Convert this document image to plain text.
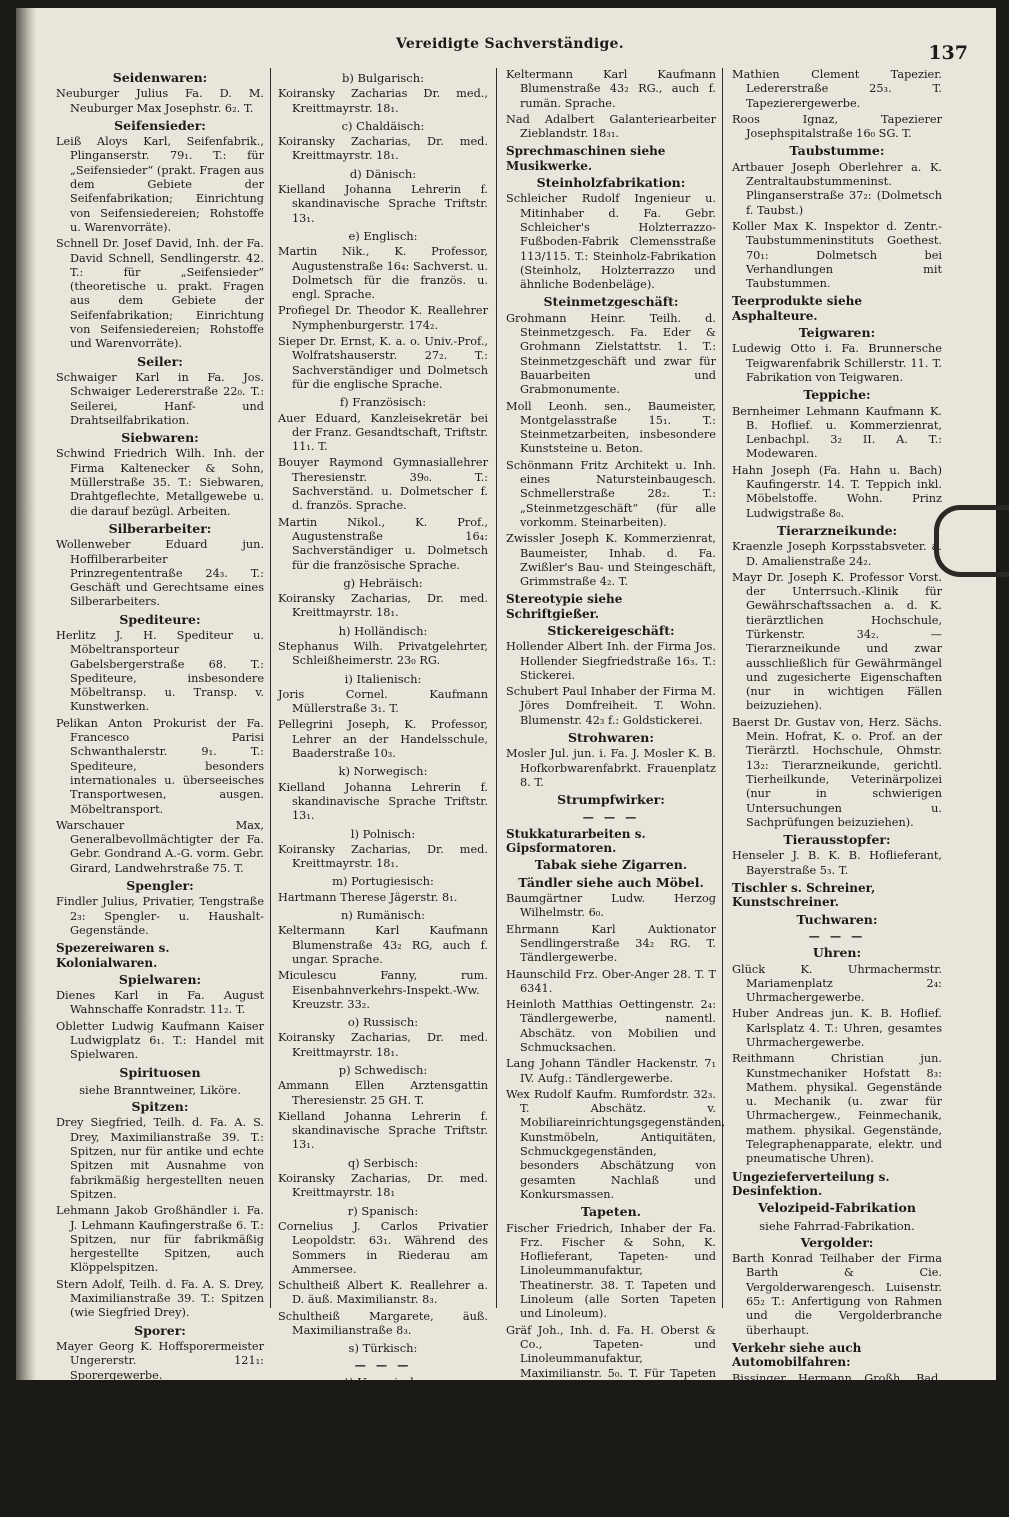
Vereidigte Sachverständige.	137
Seidenwaren:
Neuburger Julius Fa. D. M. Neuburger Max Josephstr. 6₂. T.
Seifensieder:
Leiß Aloys Karl, Seifenfabrik., Plinganserstr. 79₁. T.: für „Seifensieder“ (prakt. Fragen aus dem Gebiete der Seifenfabrikation; Einrichtung von Seifensiedereien; Rohstoffe u. Warenvorräte).
Schnell Dr. Josef David, Inh. der Fa. David Schnell, Sendlingerstr. 42. T.: für „Seifensieder“ (theoretische u. prakt. Fragen aus dem Gebiete der Seifenfabrikation; Einrichtung von Seifensiedereien; Rohstoffe und Warenvorräte).
Seiler:
Schwaiger Karl in Fa. Jos. Schwaiger Ledererstraße 22₀. T.: Seilerei, Hanf- und Drahtseilfabrikation.
Siebwaren:
Schwind Friedrich Wilh. Inh. der Firma Kaltenecker & Sohn, Müllerstraße 35. T.: Siebwaren, Drahtgeflechte, Metallgewebe u. die darauf bezügl. Arbeiten.
Silberarbeiter:
Wollenweber Eduard jun. Hoffilberarbeiter Prinzregententraße 24₃. T.: Geschäft und Gerechtsame eines Silberarbeiters.
Spediteure:
Herlitz J. H. Spediteur u. Möbeltransporteur Gabelsbergerstraße 68. T.: Spediteure, insbesondere Möbeltransp. u. Transp. v. Kunstwerken.
Pelikan Anton Prokurist der Fa. Francesco Parisi Schwanthalerstr. 9₁. T.: Spediteure, besonders internationales u. überseeisches Transportwesen, ausgen. Möbeltransport.
Warschauer Max, Generalbevollmächtigter der Fa. Gebr. Gondrand A.-G. vorm. Gebr. Girard, Landwehrstraße 75. T.
Spengler:
Findler Julius, Privatier, Tengstraße 2₃: Spengler- u. Haushalt-Gegenstände.
Spezereiwaren s. Kolonialwaren.
Spielwaren:
Dienes Karl in Fa. August Wahnschaffe Konradstr. 11₂. T.
Obletter Ludwig Kaufmann Kaiser Ludwigplatz 6₁. T.: Handel mit Spielwaren.
Spirituosen
siehe Branntweiner, Liköre.
Spitzen:
Drey Siegfried, Teilh. d. Fa. A. S. Drey, Maximilianstraße 39. T.: Spitzen, nur für antike und echte Spitzen mit Ausnahme von fabrikmäßig hergestellten neuen Spitzen.
Lehmann Jakob Großhändler i. Fa. J. Lehmann Kaufingerstraße 6. T.: Spitzen, nur für fabrikmäßig hergestellte Spitzen, auch Klöppelspitzen.
Stern Adolf, Teilh. d. Fa. A. S. Drey, Maximilianstraße 39. T.: Spitzen (wie Siegfried Drey).
Sporer:
Mayer Georg K. Hoffsporermeister Ungererstr. 121₁: Sporergewerbe.
Sprachen
a) Böhmisch:
Koiransky Zacharias, Dr. med. Kreittmayrstr. 18₁.
Kohn Moritz, Kaufmann, Schulstraße 30a₀. T.
b) Bulgarisch:
Koiransky Zacharias Dr. med., Kreittmayrstr. 18₁.
c) Chaldäisch:
Koiransky Zacharias, Dr. med. Kreittmayrstr. 18₁.
d) Dänisch:
Kielland Johanna Lehrerin f. skandinavische Sprache Triftstr. 13₁.
e) Englisch:
Martin Nik., K. Professor, Augustenstraße 16₄: Sachverst. u. Dolmetsch für die französ. u. engl. Sprache.
Profiegel Dr. Theodor K. Reallehrer Nymphenburgerstr. 174₂.
Sieper Dr. Ernst, K. a. o. Univ.-Prof., Wolfratshauserstr. 27₂. T.: Sachverständiger und Dolmetsch für die englische Sprache.
f) Französisch:
Auer Eduard, Kanzleisekretär bei der Franz. Gesandtschaft, Triftstr. 11₁. T.
Bouyer Raymond Gymnasiallehrer Theresienstr. 39₀. T.: Sachverständ. u. Dolmetscher f. d. französ. Sprache.
Martin Nikol., K. Prof., Augustenstraße 16₄: Sachverständiger u. Dolmetsch für die französische Sprache.
g) Hebräisch:
Koiransky Zacharias, Dr. med. Kreittmayrstr. 18₁.
h) Holländisch:
Stephanus Wilh. Privatgelehrter, Schleißheimerstr. 23₀ RG.
i) Italienisch:
Joris Cornel. Kaufmann Müllerstraße 3₁. T.
Pellegrini Joseph, K. Professor, Lehrer an der Handelsschule, Baaderstraße 10₃.
k) Norwegisch:
Kielland Johanna Lehrerin f. skandinavische Sprache Triftstr. 13₁.
l) Polnisch:
Koiransky Zacharias, Dr. med. Kreittmayrstr. 18₁.
m) Portugiesisch:
Hartmann Therese Jägerstr. 8₁.
n) Rumänisch:
Keltermann Karl Kaufmann Blumenstraße 43₂ RG, auch f. ungar. Sprache.
Miculescu Fanny, rum. Eisenbahnverkehrs-Inspekt.-Ww. Kreuzstr. 33₂.
o) Russisch:
Koiransky Zacharias, Dr. med. Kreittmayrstr. 18₁.
p) Schwedisch:
Ammann Ellen Arztensgattin Theresienstr. 25 GH. T.
Kielland Johanna Lehrerin f. skandinavische Sprache Triftstr. 13₁.
q) Serbisch:
Koiransky Zacharias, Dr. med. Kreittmayrstr. 18₁
r) Spanisch:
Cornelius J. Carlos Privatier Leopoldstr. 63₁. Während des Sommers in Riederau am Ammersee.
Schultheiß Albert K. Reallehrer a. D. äuß. Maximilianstr. 8₃.
Schultheiß Margarete, äuß. Maximilianstraße 8₃.
s) Türkisch:
— — —
t) Ungarisch:
Bodor Ludwig Feinmechaniker Heßstraße 96₄.
Keltermann Karl Kaufmann Blumenstraße 43₂ RG., auch f. rumän. Sprache.
Nad Adalbert Galanteriearbeiter Zieblandstr. 18₃₁.
Sprechmaschinen siehe Musikwerke.
Steinholzfabrikation:
Schleicher Rudolf Ingenieur u. Mitinhaber d. Fa. Gebr. Schleicher's Holzterrazzo-Fußboden-Fabrik Clemensstraße 113/115. T.: Steinholz-Fabrikation (Steinholz, Holzterrazzo und ähnliche Bodenbeläge).
Steinmetzgeschäft:
Grohmann Heinr. Teilh. d. Steinmetzgesch. Fa. Eder & Grohmann Zielstattstr. 1. T.: Steinmetzgeschäft und zwar für Bauarbeiten und Grabmonumente.
Moll Leonh. sen., Baumeister, Montgelasstraße 15₁. T.: Steinmetzarbeiten, insbesondere Kunststeine u. Beton.
Schönmann Fritz Architekt u. Inh. eines Natursteinbaugesch. Schmellerstraße 28₂. T.: „Steinmetzgeschäft“ (für alle vorkomm. Steinarbeiten).
Zwissler Joseph K. Kommerzienrat, Baumeister, Inhab. d. Fa. Zwißler's Bau- und Steingeschäft, Grimmstraße 4₂. T.
Stereotypie siehe Schriftgießer.
Stickereigeschäft:
Hollender Albert Inh. der Firma Jos. Hollender Siegfriedstraße 16₃. T.: Stickerei.
Schubert Paul Inhaber der Firma M. Jöres Domfreiheit. T. Wohn. Blumenstr. 42₃ f.: Goldstickerei.
Strohwaren:
Mosler Jul. jun. i. Fa. J. Mosler K. B. Hofkorbwarenfabrkt. Frauenplatz 8. T.
Strumpfwirker:
— — —
Stukkaturarbeiten s. Gipsformatoren.
Tabak siehe Zigarren.
Tändler siehe auch Möbel.
Baumgärtner Ludw. Herzog Wilhelmstr. 6₀.
Ehrmann Karl Auktionator Sendlingerstraße 34₂ RG. T. Tändlergewerbe.
Haunschild Frz. Ober-Anger 28. T. T 6341.
Heinloth Matthias Oettingenstr. 2₄: Tändlergewerbe, namentl. Abschätz. von Mobilien und Schmucksachen.
Lang Johann Tändler Hackenstr. 7₁ IV. Aufg.: Tändlergewerbe.
Wex Rudolf Kaufm. Rumfordstr. 32₃. T. Abschätz. v. Mobiliareinrichtungsgegenständen, Kunstmöbeln, Antiquitäten, Schmuckgegenständen, besonders Abschätzung von gesamten Nachlaß und Konkursmassen.
Tapeten.
Fischer Friedrich, Inhaber der Fa. Frz. Fischer & Sohn, K. Hoflieferant, Tapeten- und Linoleummanufaktur, Theatinerstr. 38. T. Tapeten und Linoleum (alle Sorten Tapeten und Linoleum).
Gräf Joh., Inh. d. Fa. H. Oberst & Co., Tapeten- und Linoleummanufaktur, Maximilianstr. 5₀. T. Für Tapeten (alle Sorten von Tapeten, nicht aber Linoleum).
Tapezierer:
List Jakob, Möbelfabr. Baaderstr. 19₁ RG. T.
Mathien Clement Tapezier. Ledererstraße 25₃. T. Tapezierergewerbe.
Roos Ignaz, Tapezierer Josephspitalstraße 16₀ SG. T.
Taubstumme:
Artbauer Joseph Oberlehrer a. K. Zentraltaubstummeninst. Plinganserstraße 37₂: (Dolmetsch f. Taubst.)
Koller Max K. Inspektor d. Zentr.-Taubstummeninstituts Goethest. 70₁: Dolmetsch bei Verhandlungen mit Taubstummen.
Teerprodukte siehe Asphalteure.
Teigwaren:
Ludewig Otto i. Fa. Brunnersche Teigwarenfabrik Schillerstr. 11. T. Fabrikation von Teigwaren.
Teppiche:
Bernheimer Lehmann Kaufmann K. B. Hoflief. u. Kommerzienrat, Lenbachpl. 3₂ II. A. T.: Modewaren.
Hahn Joseph (Fa. Hahn u. Bach) Kaufingerstr. 14. T. Teppich inkl. Möbelstoffe. Wohn. Prinz Ludwigstraße 8₀.
Tierarzneikunde:
Kraenzle Joseph Korpsstabsveter. a. D. Amalienstraße 24₂.
Mayr Dr. Joseph K. Professor Vorst. der Unterrsuch.-Klinik für Gewährschaftssachen a. d. K. tierärztlichen Hochschule, Türkenstr. 34₂. — Tierarzneikunde und zwar ausschließlich für Gewährmängel und zugesicherte Eigenschaften (nur in wichtigen Fällen beizuziehen).
Baerst Dr. Gustav von, Herz. Sächs. Mein. Hofrat, K. o. Prof. an der Tierärztl. Hochschule, Ohmstr. 13₂: Tierarzneikunde, gerichtl. Tierheilkunde, Veterinärpolizei (nur in schwierigen Untersuchungen u. Sachprüfungen beizuziehen).
Tierausstopfer:
Henseler J. B. K. B. Hoflieferant, Bayerstraße 5₃. T.
Tischler s. Schreiner, Kunstschreiner.
Tuchwaren:
— — —
Uhren:
Glück K. Uhrmachermstr. Mariamenplatz 2₄: Uhrmachergewerbe.
Huber Andreas jun. K. B. Hoflief. Karlsplatz 4. T.: Uhren, gesamtes Uhrmachergewerbe.
Reithmann Christian jun. Kunstmechaniker Hofstatt 8₃: Mathem. physikal. Gegenstände u. Mechanik (u. zwar für Uhrmachergew., Feinmechanik, mathem. physikal. Gegenstände, Telegraphenapparate, elektr. und pneumatische Uhren).
Ungezieferverteilung s. Desinfektion.
Velozipeid-Fabrikation
siehe Fahrrad-Fabrikation.
Vergolder:
Barth Konrad Teilhaber der Firma Barth & Cie. Vergolderwarengesch. Luisenstr. 65₂ T.: Anfertigung von Rahmen und die Vergolderbranche überhaupt.
Verkehr siehe auch Automobilfahren:
Bissinger Hermann Großh. Bad. Baurat a. D. Friedrichstraße 26₃ T.: Maschinen u. Verkehr, gesamtes Eisenbahnmaschinenwesen und »Betrieb; Trambahnbetrieb und seine Einrichtungen, insbesondere auch in den Bremsfragen, sowie das gesamte allgemeine Maschinenbaukunde.
